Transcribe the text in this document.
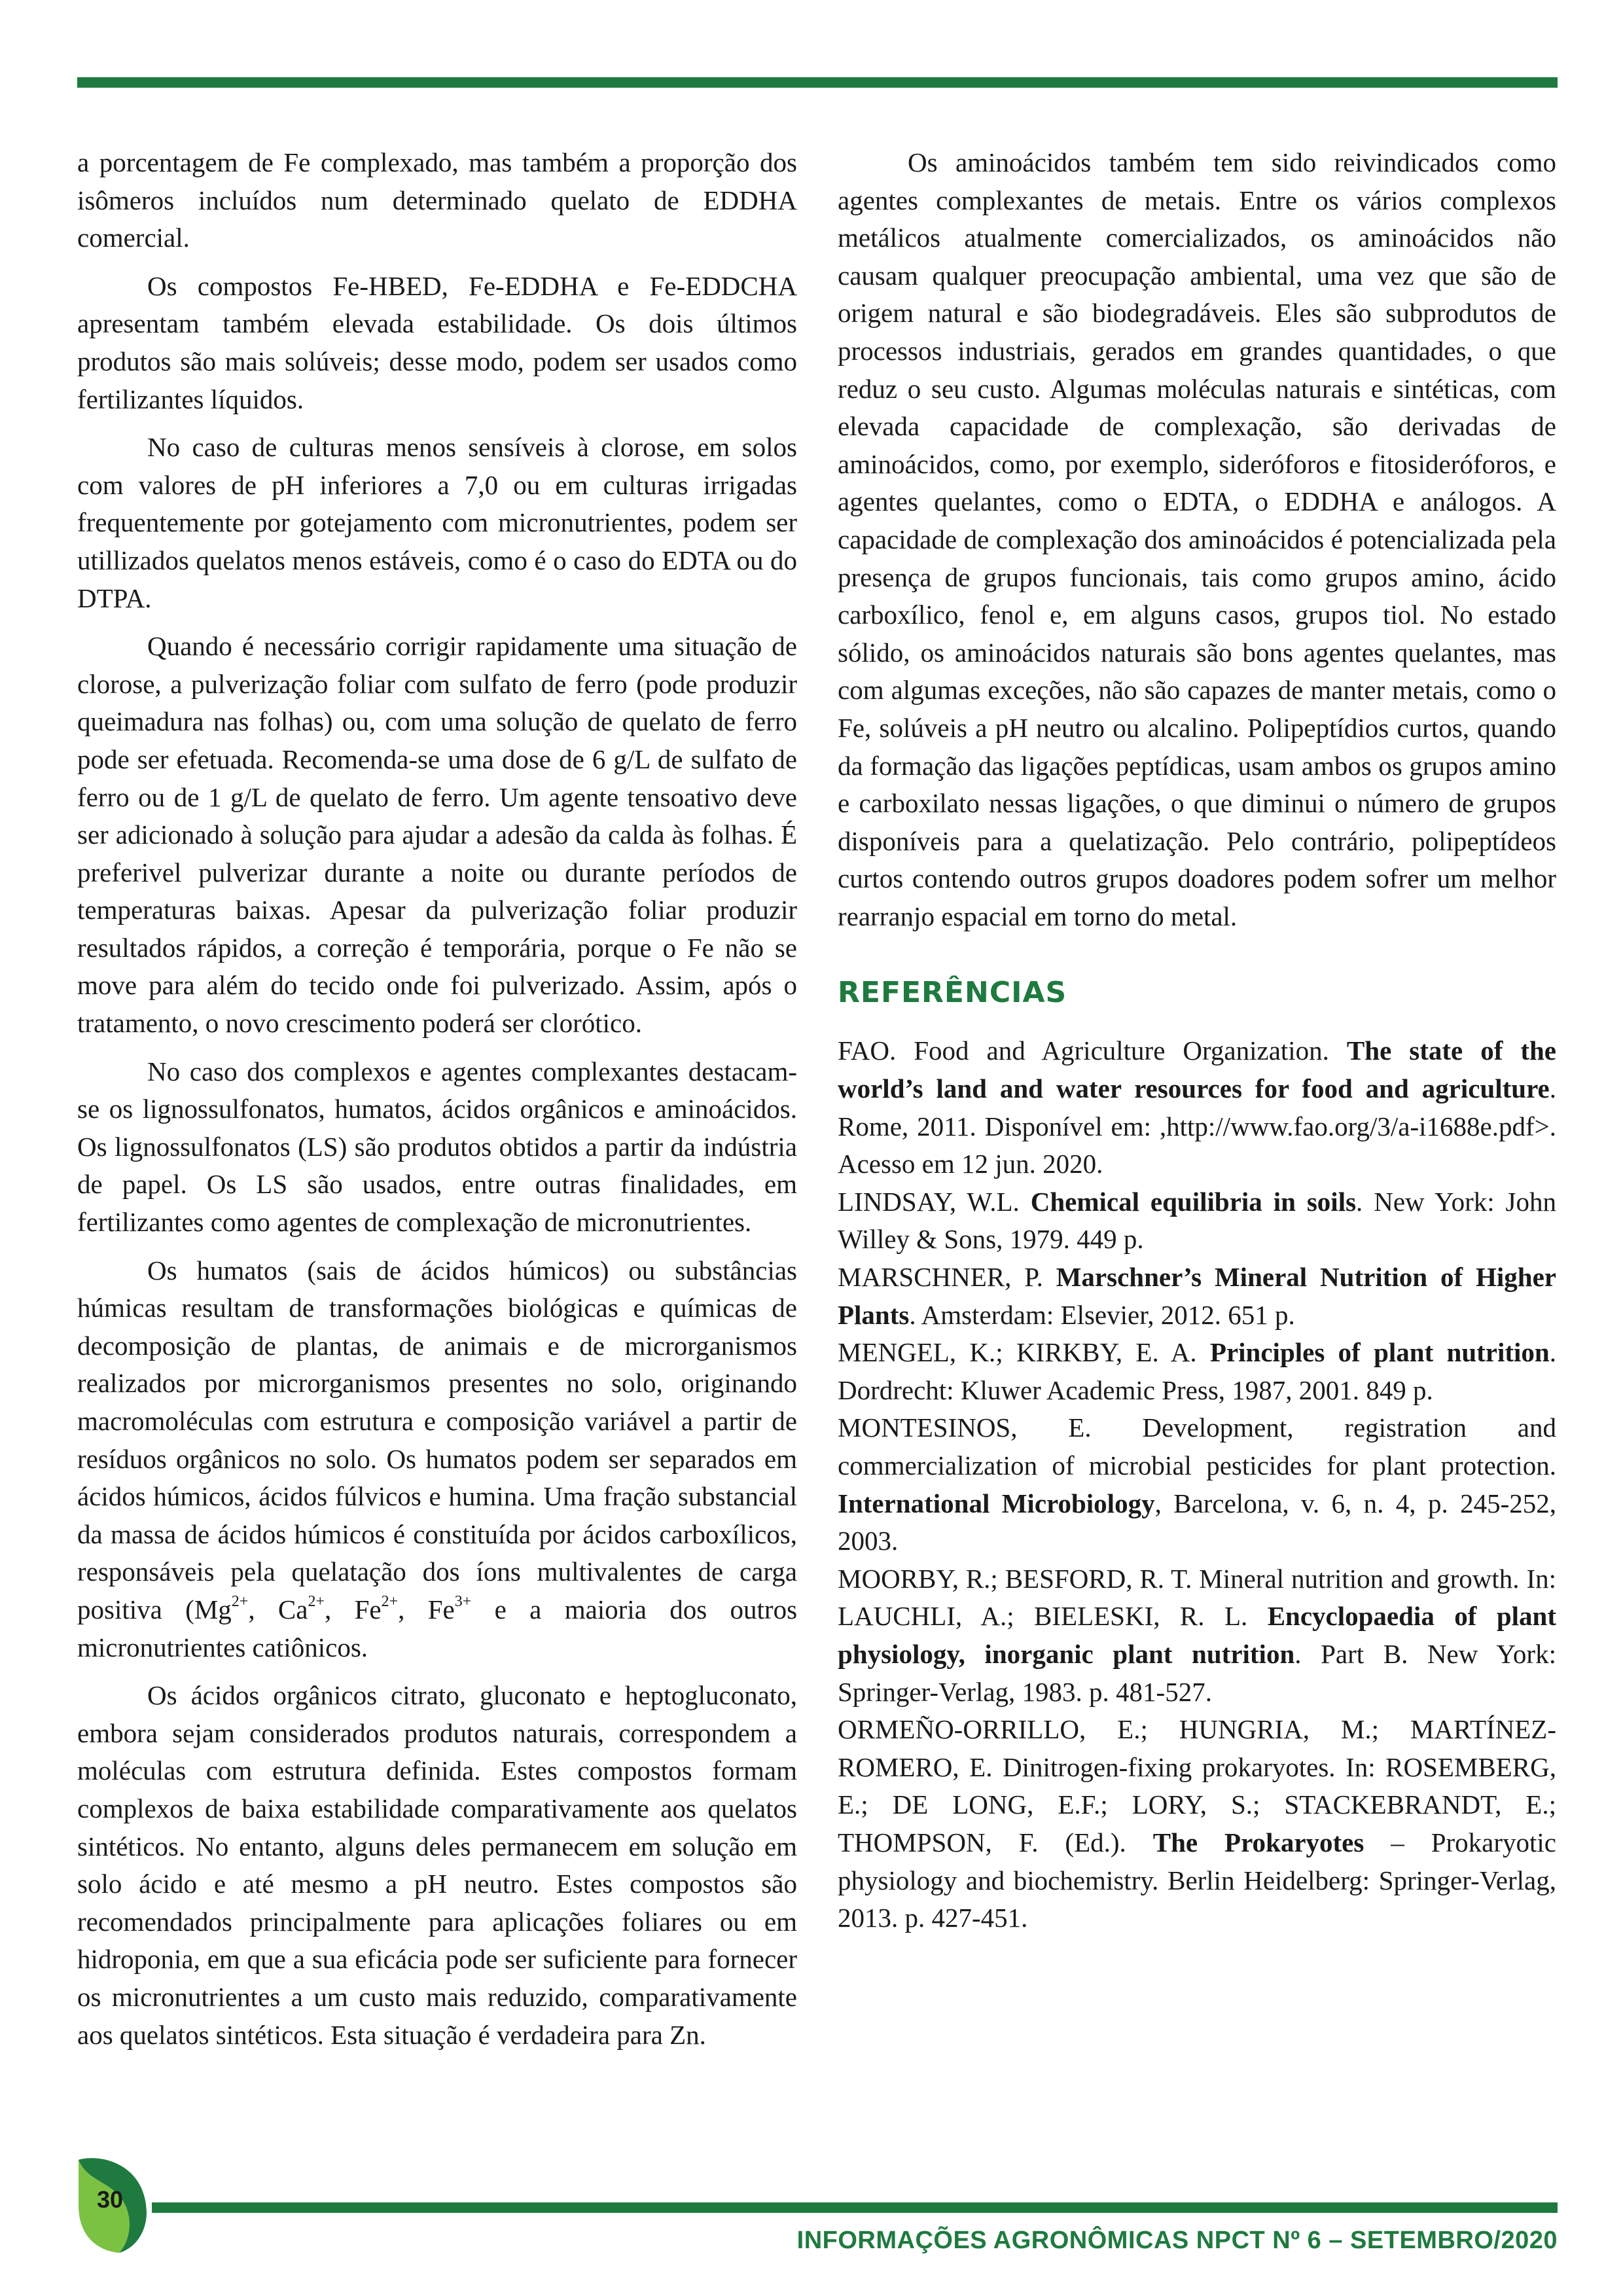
a porcentagem de Fe complexado, mas também a proporção dos isômeros incluídos num determinado quelato de EDDHA comercial.

Os compostos Fe-HBED, Fe-EDDHA e Fe-EDDCHA apresentam também elevada estabilidade. Os dois últimos produtos são mais solúveis; desse modo, podem ser usados como fertilizantes líquidos.

No caso de culturas menos sensíveis à clorose, em solos com valores de pH inferiores a 7,0 ou em culturas irrigadas frequentemente por gotejamento com micronutrientes, podem ser utillizados quelatos menos estáveis, como é o caso do EDTA ou do DTPA.

Quando é necessário corrigir rapidamente uma situação de clorose, a pulverização foliar com sulfato de ferro (pode produzir queimadura nas folhas) ou, com uma solução de quelato de ferro pode ser efetuada. Recomenda-se uma dose de 6 g/L de sulfato de ferro ou de 1 g/L de quelato de ferro. Um agente tensoativo deve ser adicionado à solução para ajudar a adesão da calda às folhas. É preferivel pulverizar durante a noite ou durante períodos de temperaturas baixas. Apesar da pulverização foliar produzir resultados rápidos, a correção é temporária, porque o Fe não se move para além do tecido onde foi pulverizado. Assim, após o tratamento, o novo crescimento poderá ser clorótico.

No caso dos complexos e agentes complexantes destacam-se os lignossulfonatos, humatos, ácidos orgânicos e aminoácidos. Os lignossulfonatos (LS) são produtos obtidos a partir da indústria de papel. Os LS são usados, entre outras finalidades, em fertilizantes como agentes de complexação de micronutrientes.

Os humatos (sais de ácidos húmicos) ou substâncias húmicas resultam de transformações biológicas e químicas de decomposição de plantas, de animais e de microrganismos realizados por microrganismos presentes no solo, originando macromoléculas com estrutura e composição variável a partir de resíduos orgânicos no solo. Os humatos podem ser separados em ácidos húmicos, ácidos fúlvicos e humina. Uma fração substancial da massa de ácidos húmicos é constituída por ácidos carboxílicos, responsáveis pela quelatação dos íons multivalentes de carga positiva ($Mg^{2+}$, $Ca^{2+}$, $Fe^{2+}$, $Fe^{3+}$ e a maioria dos outros micronutrientes catiônicos.

Os ácidos orgânicos citrato, gluconato e heptogluconato, embora sejam considerados produtos naturais, correspondem a moléculas com estrutura definida. Estes compostos formam complexos de baixa estabilidade comparativamente aos quelatos sintéticos. No entanto, alguns deles permanecem em solução em solo ácido e até mesmo a pH neutro. Estes compostos são recomendados principalmente para aplicações foliares ou em hidroponia, em que a sua eficácia pode ser suficiente para fornecer os micronutrientes a um custo mais reduzido, comparativamente aos quelatos sintéticos. Esta situação é verdadeira para Zn.

Os aminoácidos também tem sido reivindicados como agentes complexantes de metais. Entre os vários complexos metálicos atualmente comercializados, os aminoácidos não causam qualquer preocupação ambiental, uma vez que são de origem natural e são biodegradáveis. Eles são subprodutos de processos industriais, gerados em grandes quantidades, o que reduz o seu custo. Algumas moléculas naturais e sintéticas, com elevada capacidade de complexação, são derivadas de aminoácidos, como, por exemplo, sideróforos e fitosideróforos, e agentes quelantes, como o EDTA, o EDDHA e análogos. A capacidade de complexação dos aminoácidos é potencializada pela presença de grupos funcionais, tais como grupos amino, ácido carboxílico, fenol e, em alguns casos, grupos tiol. No estado sólido, os aminoácidos naturais são bons agentes quelantes, mas com algumas exceções, não são capazes de manter metais, como o Fe, solúveis a pH neutro ou alcalino. Polipeptídios curtos, quando da formação das ligações peptídicas, usam ambos os grupos amino e carboxilato nessas ligações, o que diminui o número de grupos disponíveis para a quelatização. Pelo contrário, polipeptídeos curtos contendo outros grupos doadores podem sofrer um melhor rearranjo espacial em torno do metal.

REFERÊNCIAS

FAO. Food and Agriculture Organization. The state of the world’s land and water resources for food and agriculture. Rome, 2011. Disponível em: ,http://www.fao.org/3/a-i1688e.pdf>. Acesso em 12 jun. 2020.

LINDSAY, W.L. Chemical equilibria in soils. New York: John Willey & Sons, 1979. 449 p.

MARSCHNER, P. Marschner’s Mineral Nutrition of Higher Plants. Amsterdam: Elsevier, 2012. 651 p.

MENGEL, K.; KIRKBY, E. A. Principles of plant nutrition. Dordrecht: Kluwer Academic Press, 1987, 2001. 849 p.

MONTESINOS, E. Development, registration and commercialization of microbial pesticides for plant protection. International Microbiology, Barcelona, v. 6, n. 4, p. 245-252, 2003.

MOORBY, R.; BESFORD, R. T. Mineral nutrition and growth. In: LAUCHLI, A.; BIELESKI, R. L. Encyclopaedia of plant physiology, inorganic plant nutrition. Part B. New York: Springer-Verlag, 1983. p. 481-527.

ORMEÑO-ORRILLO, E.; HUNGRIA, M.; MARTÍNEZ-ROMERO, E. Dinitrogen-fixing prokaryotes. In: ROSEMBERG, E.; DE LONG, E.F.; LORY, S.; STACKEBRANDT, E.; THOMPSON, F. (Ed.). The Prokaryotes – Prokaryotic physiology and biochemistry. Berlin Heidelberg: Springer-Verlag, 2013. p. 427-451.

30
INFORMAÇÕES AGRONÔMICAS NPCT Nº 6 – SETEMBRO/2020
